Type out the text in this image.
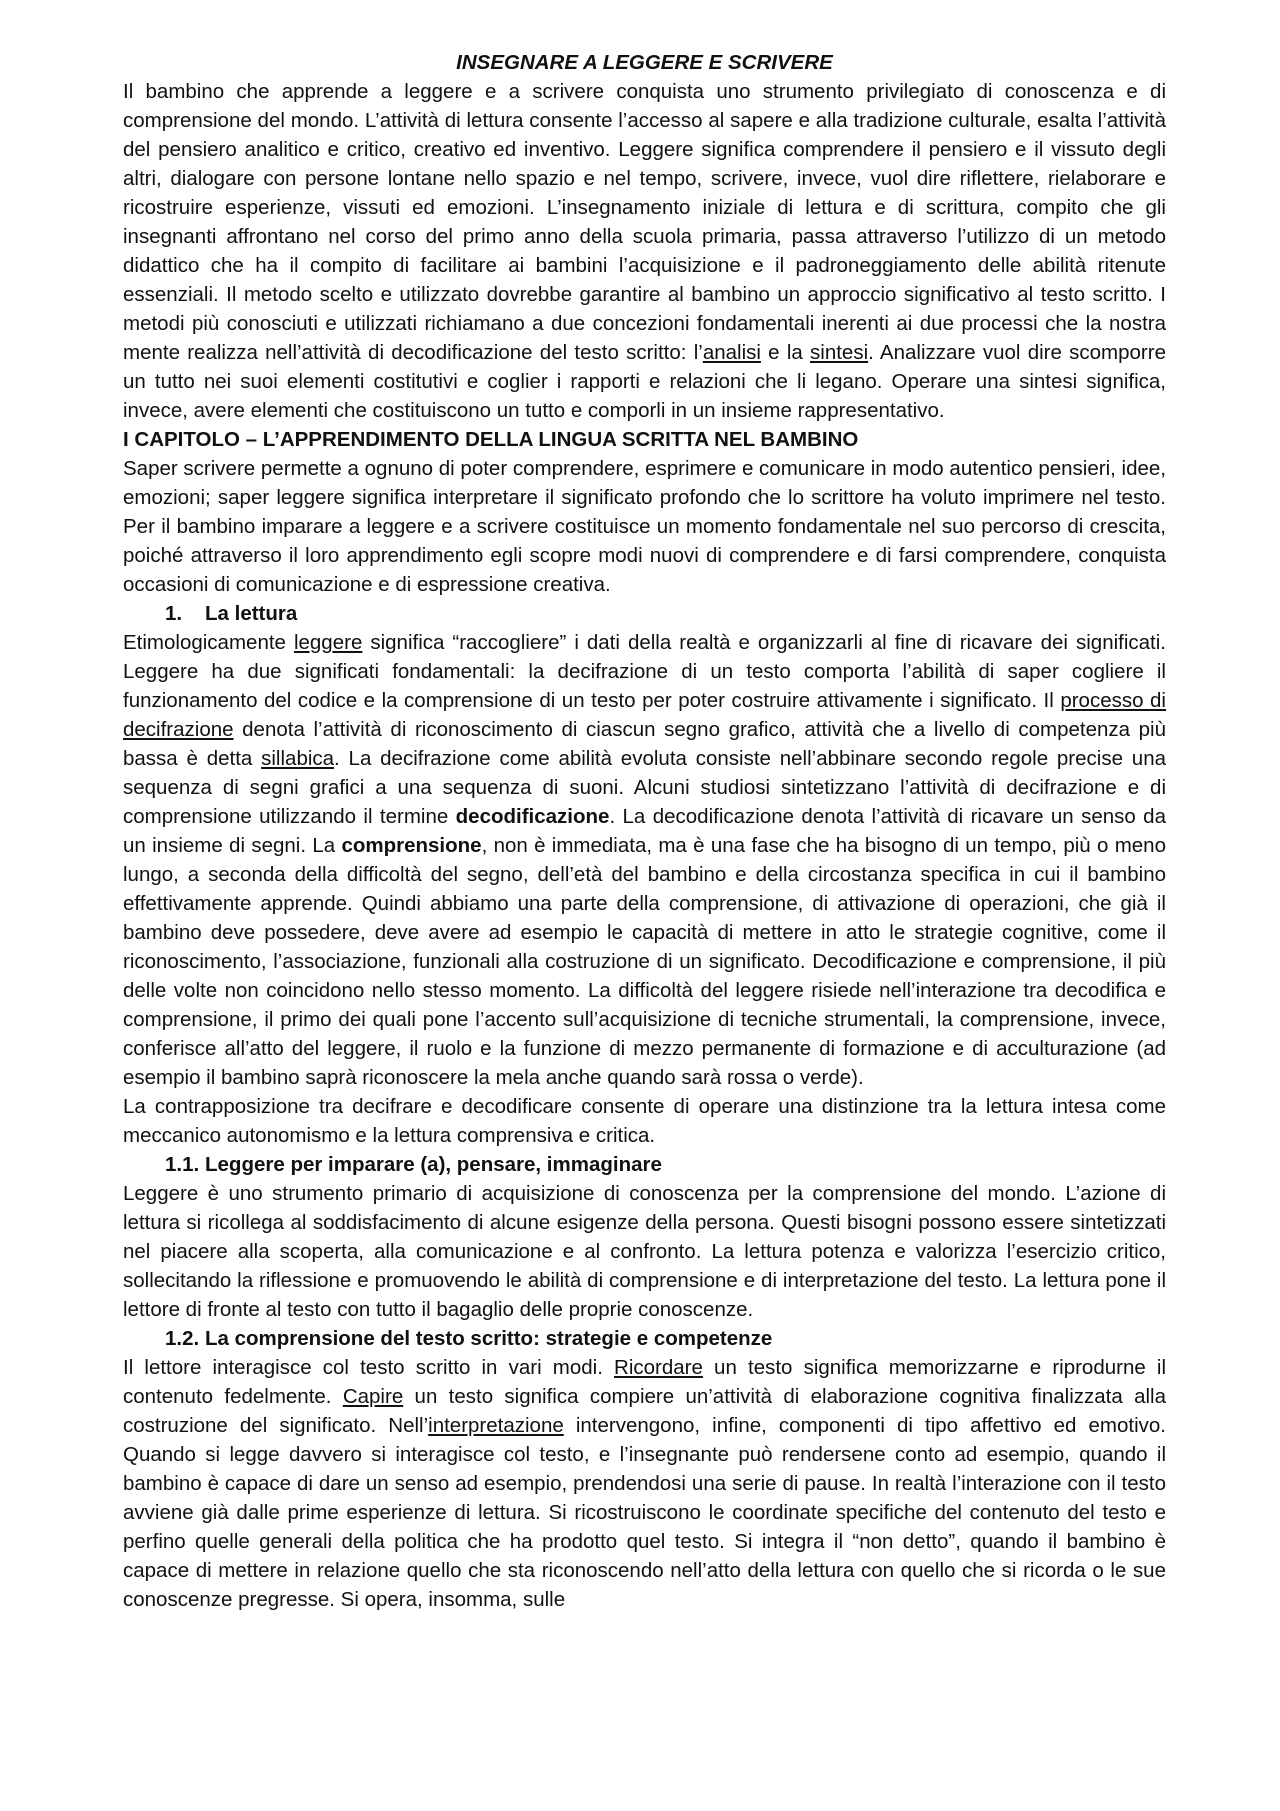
INSEGNARE A LEGGERE E SCRIVERE

Il bambino che apprende a leggere e a scrivere conquista uno strumento privilegiato di conoscenza e di comprensione del mondo. L’attività di lettura consente l’accesso al sapere e alla tradizione culturale, esalta l’attività del pensiero analitico e critico, creativo ed inventivo. Leggere significa comprendere il pensiero e il vissuto degli altri, dialogare con persone lontane nello spazio e nel tempo, scrivere, invece, vuol dire riflettere, rielaborare e ricostruire esperienze, vissuti ed emozioni. L’insegnamento iniziale di lettura e di scrittura, compito che gli insegnanti affrontano nel corso del primo anno della scuola primaria, passa attraverso l’utilizzo di un metodo didattico che ha il compito di facilitare ai bambini l’acquisizione e il padroneggiamento delle abilità ritenute essenziali. Il metodo scelto e utilizzato dovrebbe garantire al bambino un approccio significativo al testo scritto. I metodi più conosciuti e utilizzati richiamano a due concezioni fondamentali inerenti ai due processi che la nostra mente realizza nell’attività di decodificazione del testo scritto: l’analisi e la sintesi. Analizzare vuol dire scomporre un tutto nei suoi elementi costitutivi e coglier i rapporti e relazioni che li legano. Operare una sintesi significa, invece, avere elementi che costituiscono un tutto e comporli in un insieme rappresentativo.

I CAPITOLO – L’APPRENDIMENTO DELLA LINGUA SCRITTA NEL BAMBINO

Saper scrivere permette a ognuno di poter comprendere, esprimere e comunicare in modo autentico pensieri, idee, emozioni; saper leggere significa interpretare il significato profondo che lo scrittore ha voluto imprimere nel testo. Per il bambino imparare a leggere e a scrivere costituisce un momento fondamentale nel suo percorso di crescita, poiché attraverso il loro apprendimento egli scopre modi nuovi di comprendere e di farsi comprendere, conquista occasioni di comunicazione e di espressione creativa.

1. La lettura

Etimologicamente leggere significa “raccogliere” i dati della realtà e organizzarli al fine di ricavare dei significati. Leggere ha due significati fondamentali: la decifrazione di un testo comporta l’abilità di saper cogliere il funzionamento del codice e la comprensione di un testo per poter costruire attivamente i significato. Il processo di decifrazione denota l’attività di riconoscimento di ciascun segno grafico, attività che a livello di competenza più bassa è detta sillabica. La decifrazione come abilità evoluta consiste nell’abbinare secondo regole precise una sequenza di segni grafici a una sequenza di suoni. Alcuni studiosi sintetizzano l’attività di decifrazione e di comprensione utilizzando il termine decodificazione. La decodificazione denota l’attività di ricavare un senso da un insieme di segni. La comprensione, non è immediata, ma è una fase che ha bisogno di un tempo, più o meno lungo, a seconda della difficoltà del segno, dell’età del bambino e della circostanza specifica in cui il bambino effettivamente apprende. Quindi abbiamo una parte della comprensione, di attivazione di operazioni, che già il bambino deve possedere, deve avere ad esempio le capacità di mettere in atto le strategie cognitive, come il riconoscimento, l’associazione, funzionali alla costruzione di un significato. Decodificazione e comprensione, il più delle volte non coincidono nello stesso momento. La difficoltà del leggere risiede nell’interazione tra decodifica e comprensione, il primo dei quali pone l’accento sull’acquisizione di tecniche strumentali, la comprensione, invece, conferisce all’atto del leggere, il ruolo e la funzione di mezzo permanente di formazione e di acculturazione (ad esempio il bambino saprà riconoscere la mela anche quando sarà rossa o verde).

La contrapposizione tra decifrare e decodificare consente di operare una distinzione tra la lettura intesa come meccanico autonomismo e la lettura comprensiva e critica.

1.1. Leggere per imparare (a), pensare, immaginare

Leggere è uno strumento primario di acquisizione di conoscenza per la comprensione del mondo. L’azione di lettura si ricollega al soddisfacimento di alcune esigenze della persona. Questi bisogni possono essere sintetizzati nel piacere alla scoperta, alla comunicazione e al confronto. La lettura potenza e valorizza l’esercizio critico, sollecitando la riflessione e promuovendo le abilità di comprensione e di interpretazione del testo. La lettura pone il lettore di fronte al testo con tutto il bagaglio delle proprie conoscenze.

1.2. La comprensione del testo scritto: strategie e competenze

Il lettore interagisce col testo scritto in vari modi. Ricordare un testo significa memorizzarne e riprodurne il contenuto fedelmente. Capire un testo significa compiere un’attività di elaborazione cognitiva finalizzata alla costruzione del significato. Nell’interpretazione intervengono, infine, componenti di tipo affettivo ed emotivo. Quando si legge davvero si interagisce col testo, e l’insegnante può rendersene conto ad esempio, quando il bambino è capace di dare un senso ad esempio, prendendosi una serie di pause. In realtà l’interazione con il testo avviene già dalle prime esperienze di lettura. Si ricostruiscono le coordinate specifiche del contenuto del testo e perfino quelle generali della politica che ha prodotto quel testo. Si integra il “non detto”, quando il bambino è capace di mettere in relazione quello che sta riconoscendo nell’atto della lettura con quello che si ricorda o le sue conoscenze pregresse. Si opera, insomma, sulle
